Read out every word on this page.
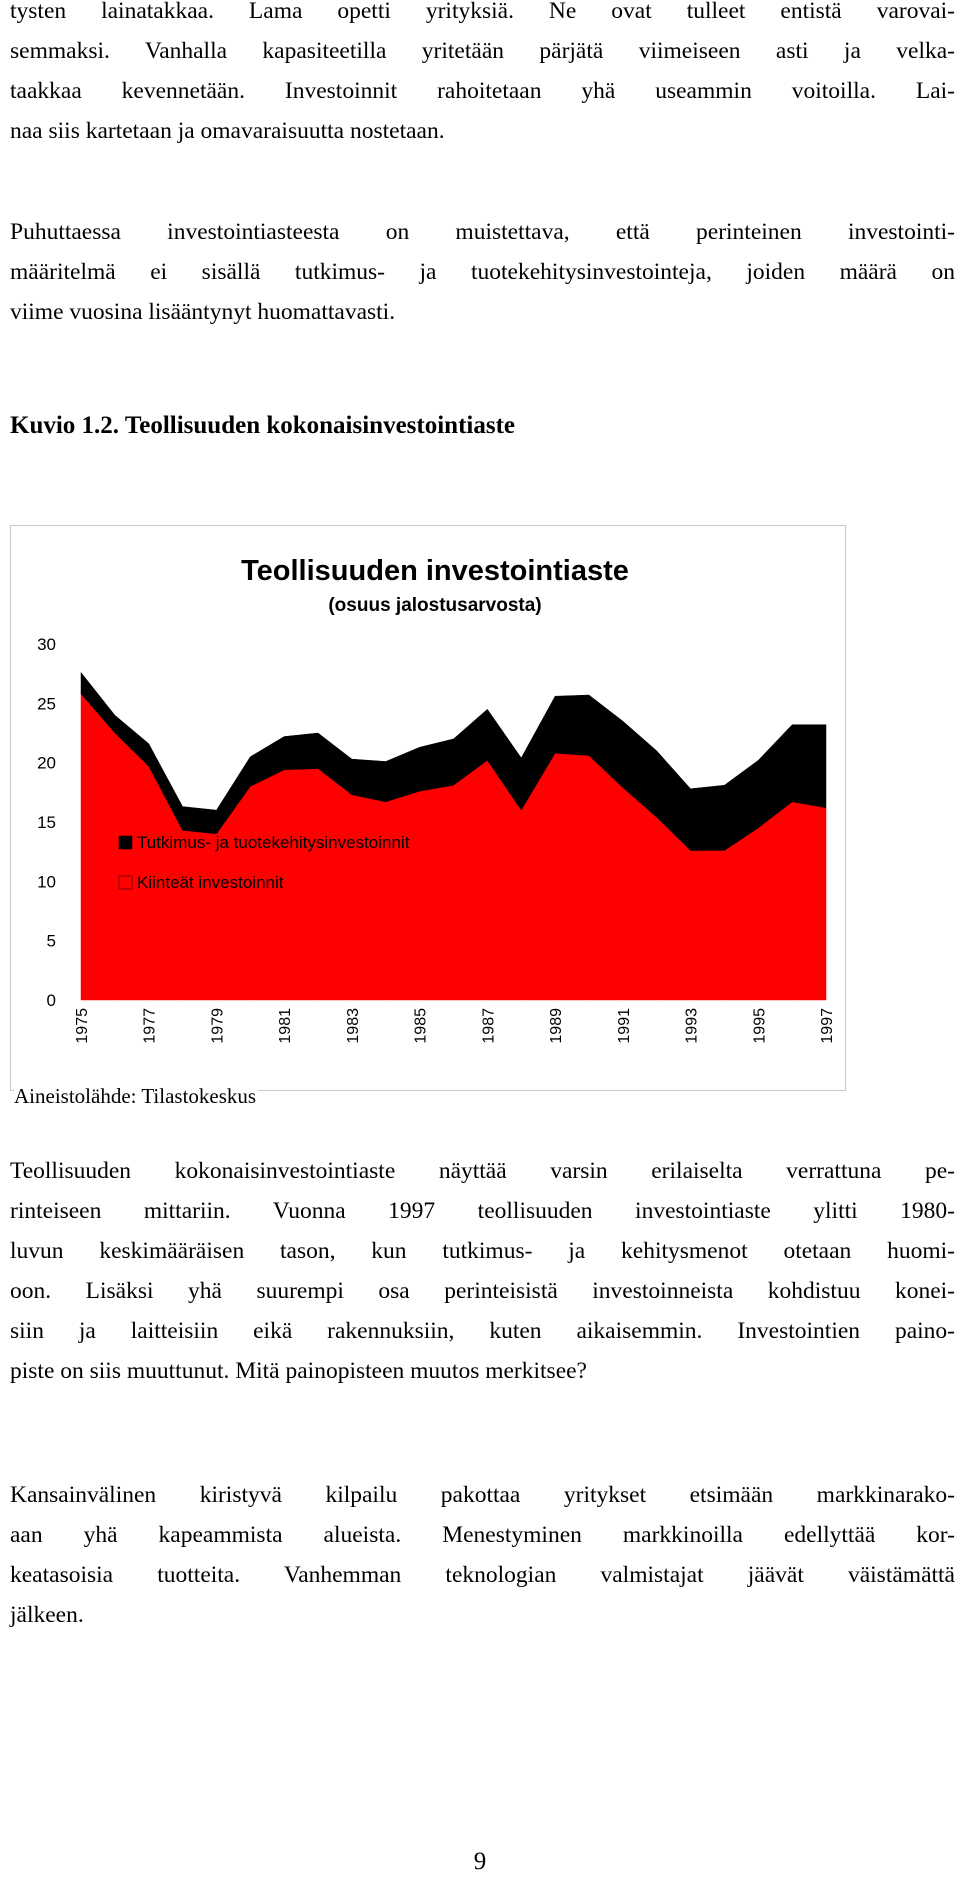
tysten lainatakkaa. Lama opetti yrityksiä. Ne ovat tulleet entistä varovai-
semmaksi. Vanhalla kapasiteetilla yritetään pärjätä viimeiseen asti ja velka-
taakkaa kevennetään. Investoinnit rahoitetaan yhä useammin voitoilla. Lai-
naa siis kartetaan ja omavaraisuutta nostetaan.
Puhuttaessa investointiasteesta on muistettava, että perinteinen investointi-
määritelmä ei sisällä tutkimus- ja tuotekehitysinvestointeja, joiden määrä on
viime vuosina lisääntynyt huomattavasti.

Kuvio 1.2. Teollisuuden kokonaisinvestointiaste

Teollisuuden investointiaste
(osuus jalostusarvosta)
0
5
10
15
20
25
30
1975	1977	1979	1981	1983	1985	1987	1989	1991	1993	1995	1997
Tutkimus- ja tuotekehitysinvestoinnit
Kiinteät investoinnit
Aineistolähde: Tilastokeskus
Teollisuuden kokonaisinvestointiaste näyttää varsin erilaiselta verrattuna pe-
rinteiseen mittariin. Vuonna 1997 teollisuuden investointiaste ylitti 1980-
luvun keskimääräisen tason, kun tutkimus- ja kehitysmenot otetaan huomi-
oon. Lisäksi yhä suurempi osa perinteisistä investoinneista kohdistuu konei-
siin ja laitteisiin eikä rakennuksiin, kuten aikaisemmin. Investointien paino-
piste on siis muuttunut. Mitä painopisteen muutos merkitsee?
Kansainvälinen kiristyvä kilpailu pakottaa yritykset etsimään markkinarako-
aan yhä kapeammista alueista. Menestyminen markkinoilla edellyttää kor-
keatasoisia tuotteita. Vanhemman teknologian valmistajat jäävät väistämättä
jälkeen.
9
